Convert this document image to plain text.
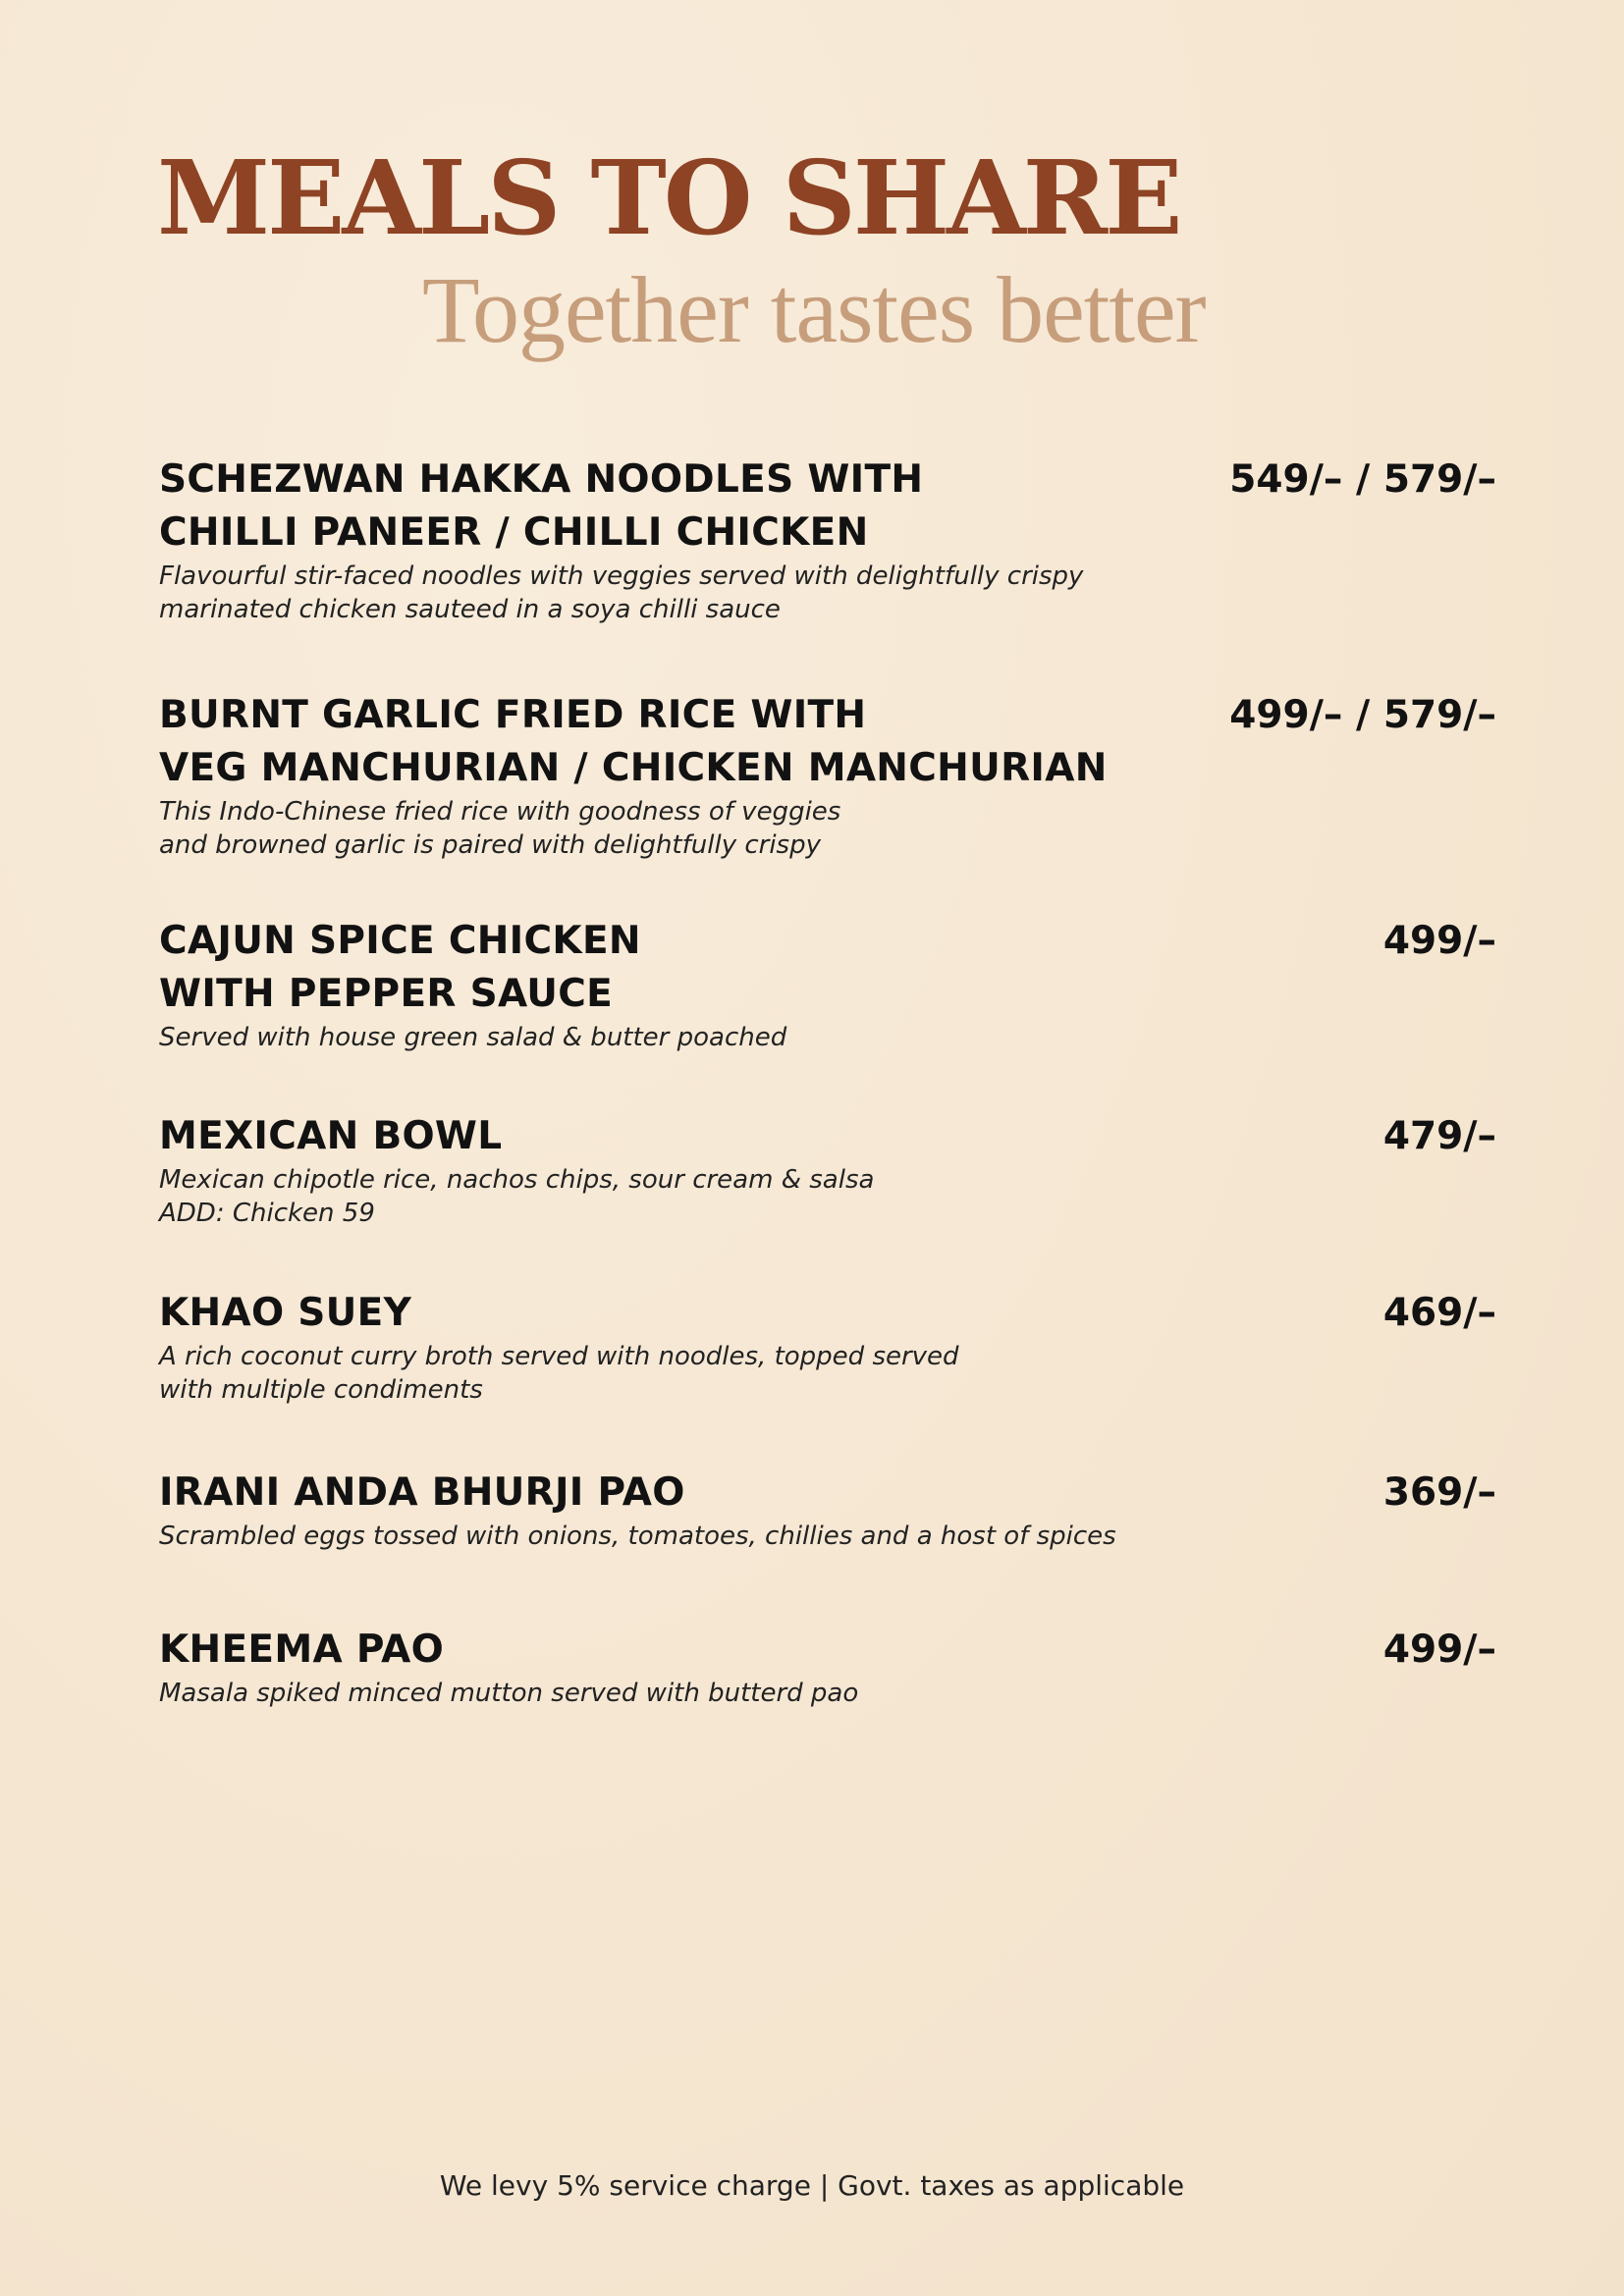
MEALS TO SHARE
Together tastes better

SCHEZWAN HAKKA NOODLES WITH
CHILLI PANEER / CHILLI CHICKEN

Flavourful stir-faced noodles with veggies served with delightfully crispy
marinated chicken sauteed in a soya chilli sauce

549/– / 579/–

BURNT GARLIC FRIED RICE WITH
VEG MANCHURIAN / CHICKEN MANCHURIAN

This Indo-Chinese fried rice with goodness of veggies
and browned garlic is paired with delightfully crispy

499/– / 579/–

CAJUN SPICE CHICKEN
WITH PEPPER SAUCE

Served with house green salad & butter poached

499/–

MEXICAN BOWL

Mexican chipotle rice, nachos chips, sour cream & salsa
ADD: Chicken 59

479/–

KHAO SUEY

A rich coconut curry broth served with noodles, topped served
with multiple condiments

469/–

IRANI ANDA BHURJI PAO

Scrambled eggs tossed with onions, tomatoes, chillies and a host of spices

369/–

KHEEMA PAO

Masala spiked minced mutton served with butterd pao

499/–
We levy 5% service charge | Govt. taxes as applicable
